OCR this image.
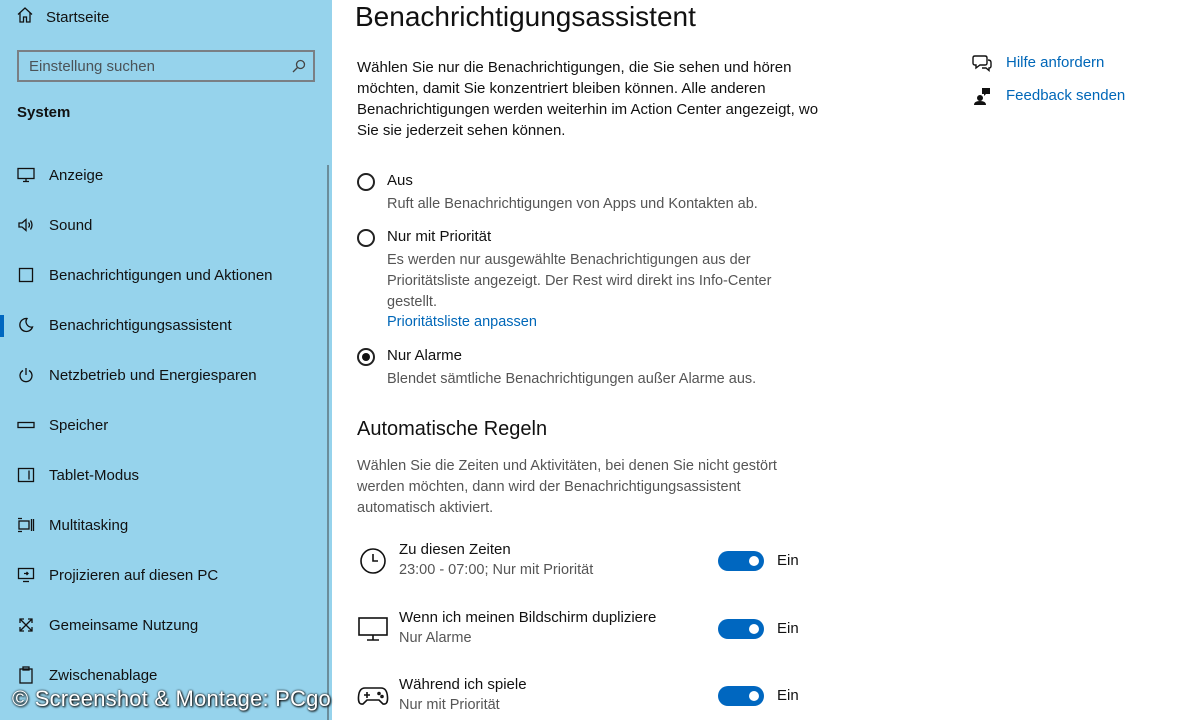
Startseite
Einstellung suchen
System
Anzeige
Sound
Benachrichtigungen und Aktionen
Benachrichtigungsassistent
Netzbetrieb und Energiesparen
Speicher
Tablet-Modus
Multitasking
Projizieren auf diesen PC
Gemeinsame Nutzung
Zwischenablage
© Screenshot & Montage: PCgo
Benachrichtigungsassistent
Wählen Sie nur die Benachrichtigungen, die Sie sehen und hören möchten, damit Sie konzentriert bleiben können. Alle anderen Benachrichtigungen werden weiterhin im Action Center angezeigt, wo Sie sie jederzeit sehen können.
Aus
Ruft alle Benachrichtigungen von Apps und Kontakten ab.
Nur mit Priorität
Es werden nur ausgewählte Benachrichtigungen aus der Prioritätsliste angezeigt. Der Rest wird direkt ins Info-Center gestellt.
Prioritätsliste anpassen
Nur Alarme
Blendet sämtliche Benachrichtigungen außer Alarme aus.
Automatische Regeln
Wählen Sie die Zeiten und Aktivitäten, bei denen Sie nicht gestört werden möchten, dann wird der Benachrichtigungsassistent automatisch aktiviert.
Zu diesen Zeiten
23:00 - 07:00; Nur mit Priorität
Ein
Wenn ich meinen Bildschirm dupliziere
Nur Alarme
Ein
Während ich spiele
Nur mit Priorität
Ein
Hilfe anfordern
Feedback senden
